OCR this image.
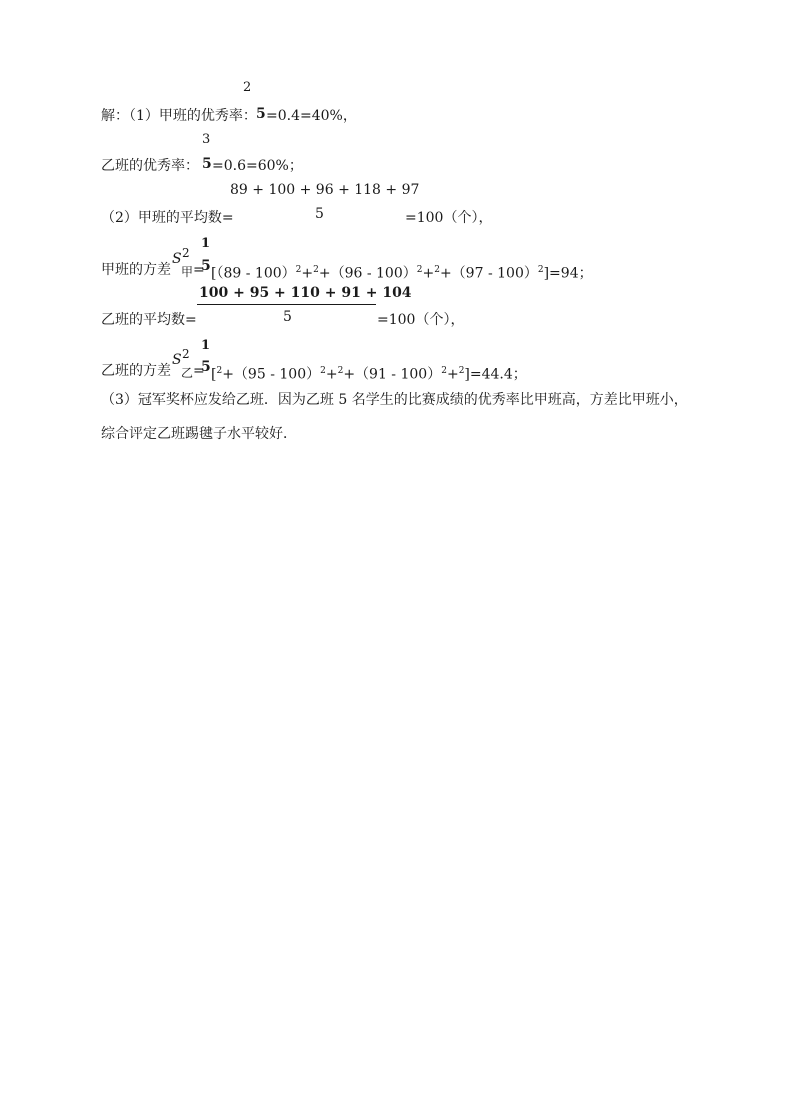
2
解：（1）甲班的优秀率： 5 =0.4=40%，
3
乙班的优秀率： 5 =0.6=60%；
89 + 100 + 96 + 118 + 97
（2）甲班的平均数=	5	=100（个），
1
甲班的方差
S 2
甲 =
5 [（89 - 100）$^2$+$^2$+（96 - 100）$^2$+$^2$+（97 - 100）$^2$]=94；
100 + 95 + 110 + 91 + 104
乙班的平均数=	5	=100（个），
1
乙班的方差
S 2
乙 =
5 [$^2$+（95 - 100）$^2$+$^2$+（91 - 100）$^2$+$^2$]=44.4；
（3）冠军奖杯应发给乙班．因为乙班 5 名学生的比赛成绩的优秀率比甲班高，方差比甲班小，
综合评定乙班踢毽子水平较好．
